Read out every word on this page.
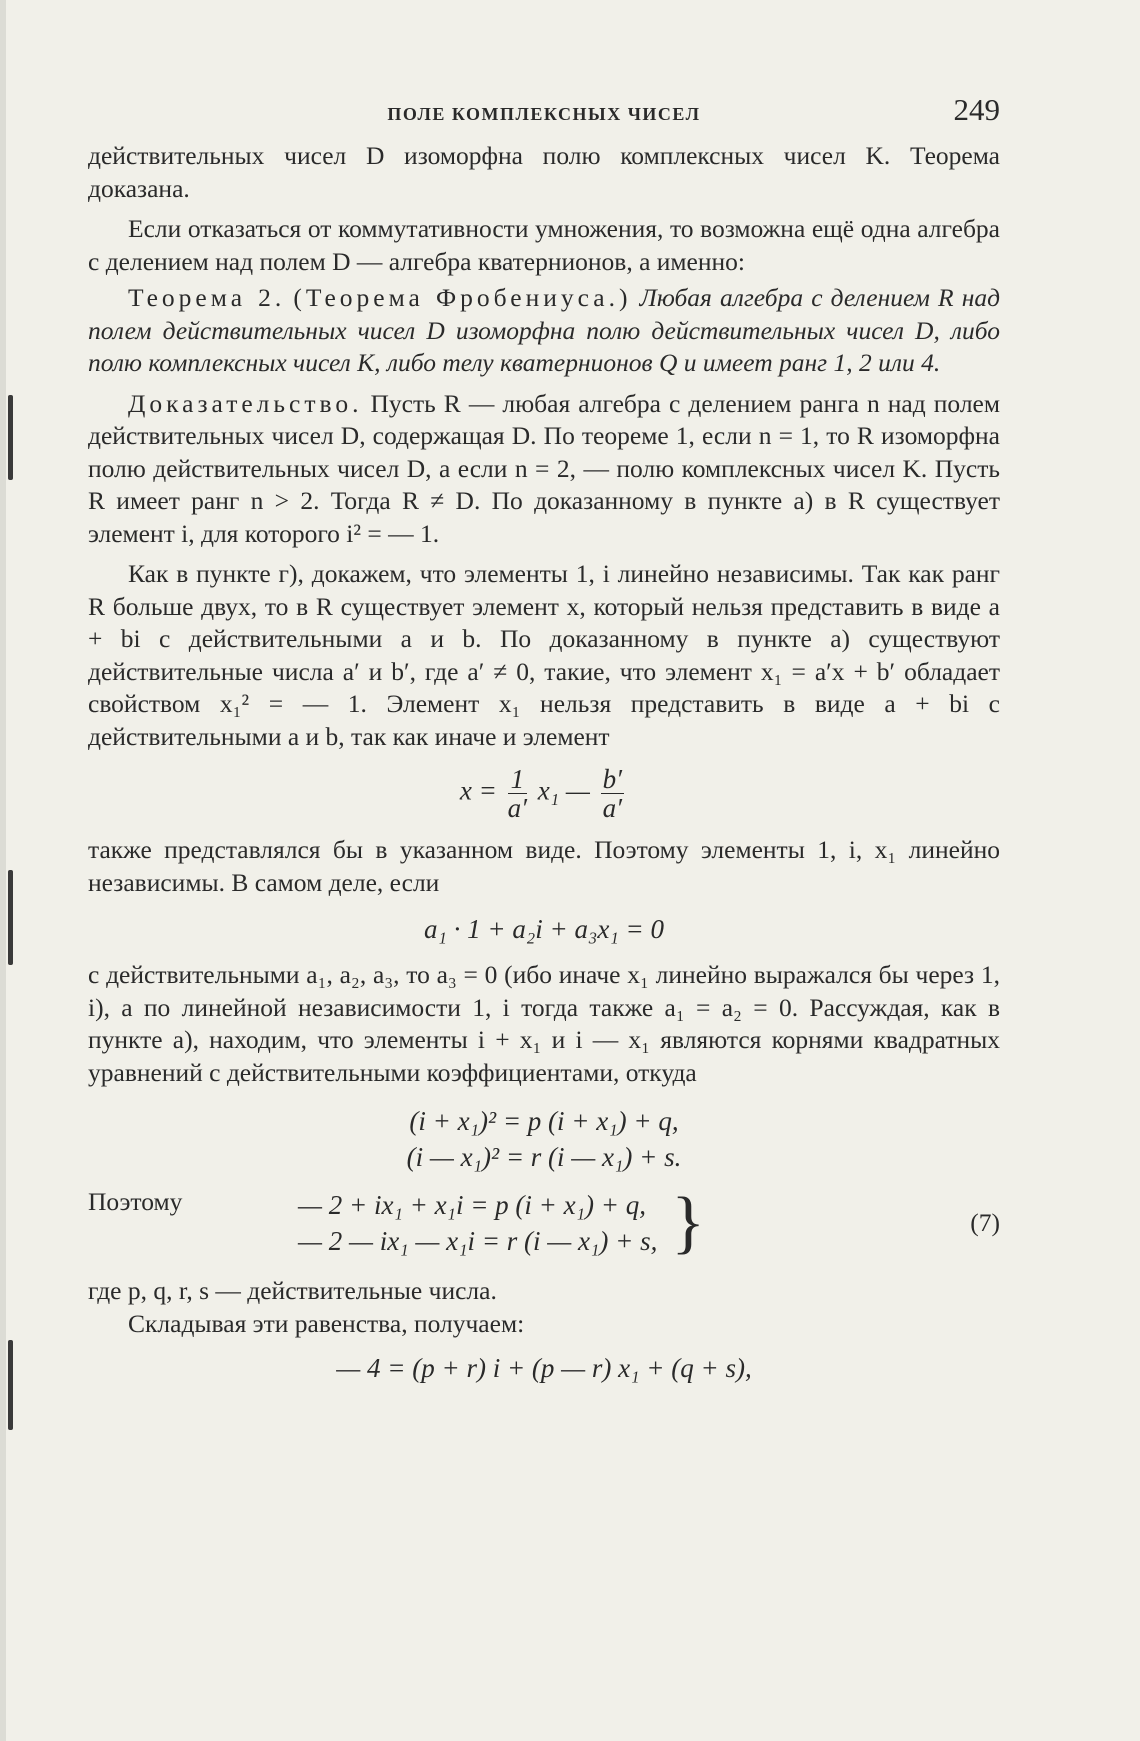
ПОЛЕ КОМПЛЕКСНЫХ ЧИСЕЛ	249

действительных чисел D изоморфна полю комплексных чисел K. Теорема доказана.

Если отказаться от коммутативности умножения, то возможна ещё одна алгебра с делением над полем D — алгебра кватернионов, а именно:

Теорема 2. (Теорема Фробениуса.) Любая алгебра с делением R над полем действительных чисел D изоморфна полю действительных чисел D, либо полю комплексных чисел K, либо телу кватернионов Q и имеет ранг 1, 2 или 4.

Доказательство. Пусть R — любая алгебра с делением ранга n над полем действительных чисел D, содержащая D. По теореме 1, если n = 1, то R изоморфна полю действительных чисел D, а если n = 2, — полю комплексных чисел K. Пусть R имеет ранг n > 2. Тогда R ≠ D. По доказанному в пункте а) в R существует элемент i, для которого i² = — 1.

Как в пункте г), докажем, что элементы 1, i линейно независимы. Так как ранг R больше двух, то в R существует элемент x, который нельзя представить в виде a + bi с действительными a и b. По доказанному в пункте а) существуют действительные числа a′ и b′, где a′ ≠ 0, такие, что элемент x₁ = a′x + b′ обладает свойством x₁² = — 1. Элемент x₁ нельзя представить в виде a + bi с действительными a и b, так как иначе и элемент

$x = \frac{1}{a'} x_1$ — $\frac{b'}{a'}$

также представлялся бы в указанном виде. Поэтому элементы 1, i, x₁ линейно независимы. В самом деле, если

a₁ · 1 + a₂i + a₃x₁ = 0

с действительными a₁, a₂, a₃, то a₃ = 0 (ибо иначе x₁ линейно выражался бы через 1, i), а по линейной независимости 1, i тогда также a₁ = a₂ = 0. Рассуждая, как в пункте а), находим, что элементы i + x₁ и i — x₁ являются корнями квадратных уравнений с действительными коэффициентами, откуда

(i + x₁)² = p (i + x₁) + q,
(i — x₁)² = r (i — x₁) + s.
Поэтому	— 2 + ix₁ + x₁i = p (i + x₁) + q,
— 2 — ix₁ — x₁i = r (i — x₁) + s, }	(7)

где p, q, r, s — действительные числа.

Складывая эти равенства, получаем:

— 4 = (p + r) i + (p — r) x₁ + (q + s),
